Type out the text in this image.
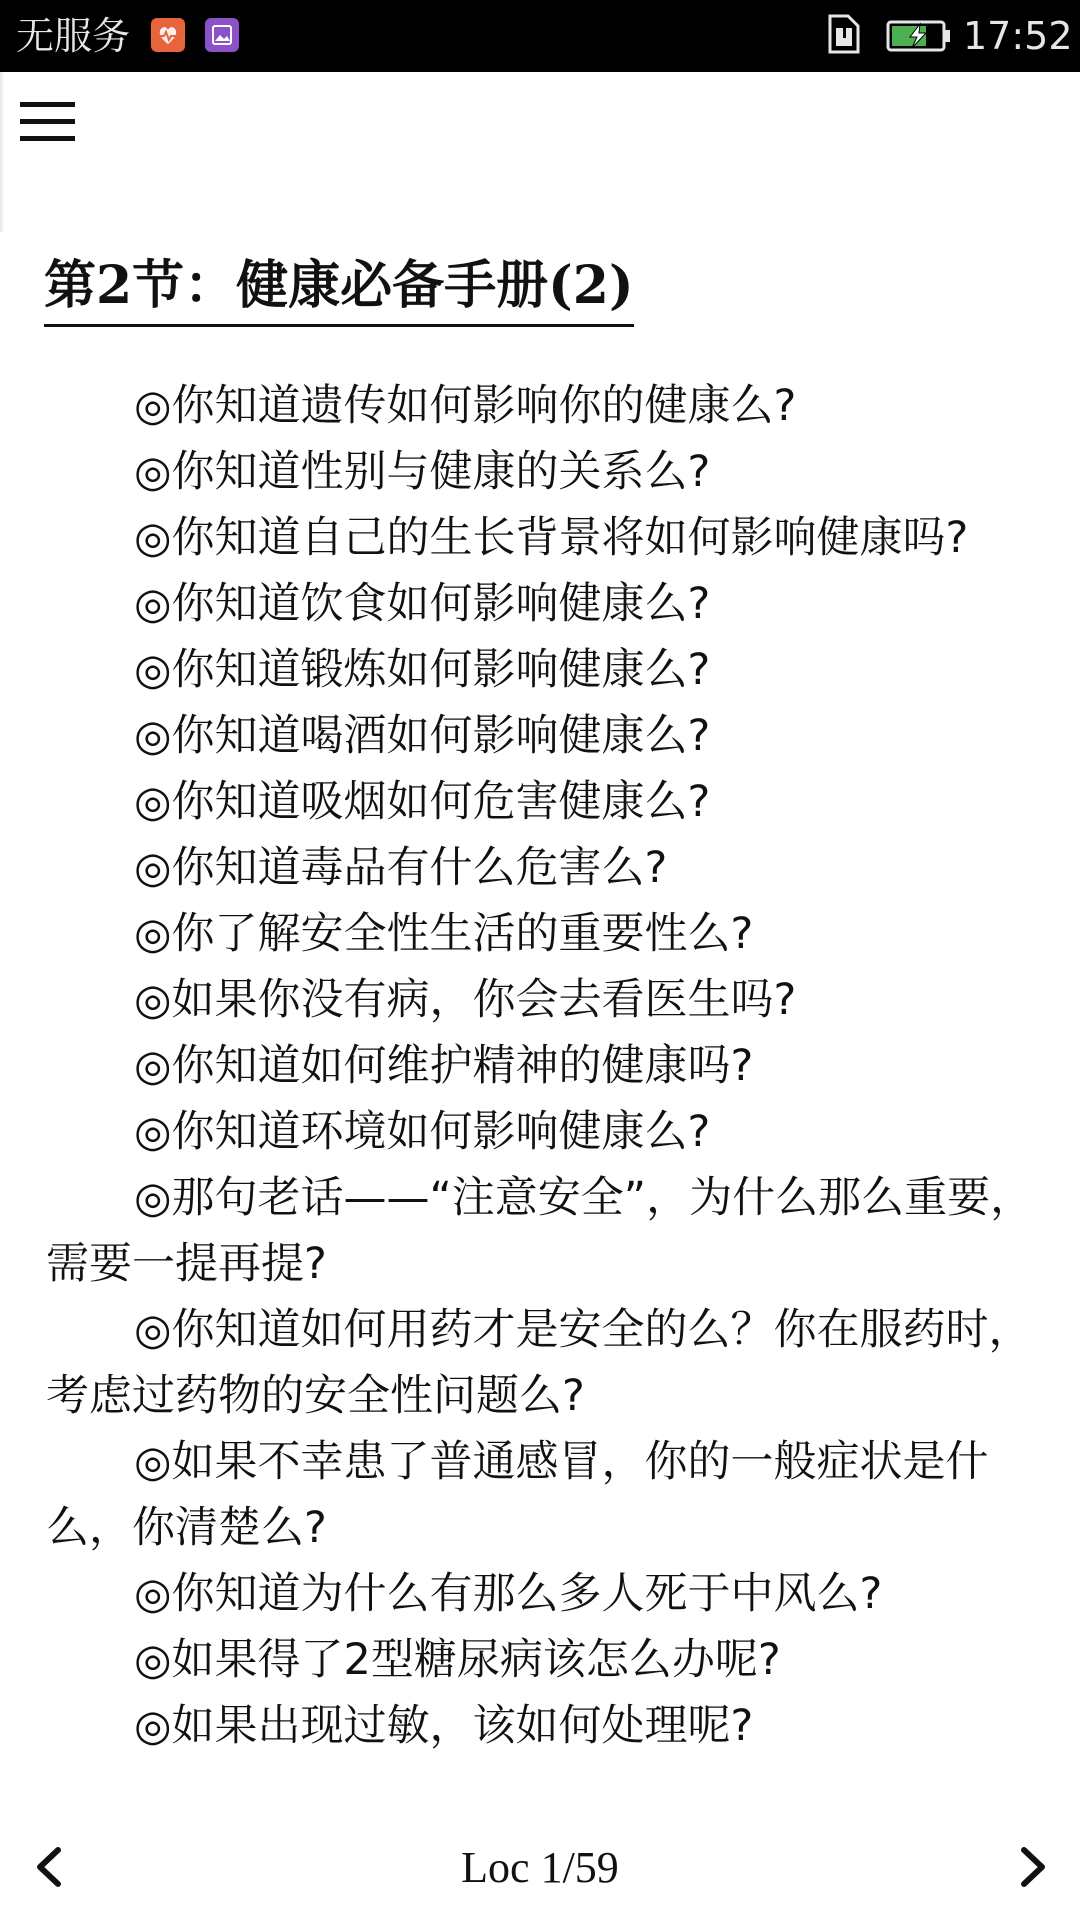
无服务	17:52
第2节：健康必备手册(2)

◎你知道遗传如何影响你的健康么?

◎你知道性别与健康的关系么?

◎你知道自己的生长背景将如何影响健康吗?

◎你知道饮食如何影响健康么?

◎你知道锻炼如何影响健康么?

◎你知道喝酒如何影响健康么?

◎你知道吸烟如何危害健康么?

◎你知道毒品有什么危害么?

◎你了解安全性生活的重要性么?

◎如果你没有病，你会去看医生吗?

◎你知道如何维护精神的健康吗?

◎你知道环境如何影响健康么?

◎那句老话——“注意安全”，为什么那么重要，需要一提再提?

◎你知道如何用药才是安全的么？你在服药时，考虑过药物的安全性问题么?

◎如果不幸患了普通感冒，你的一般症状是什么，你清楚么?

◎你知道为什么有那么多人死于中风么?

◎如果得了2型糖尿病该怎么办呢?

◎如果出现过敏，该如何处理呢?

Loc 1/59
